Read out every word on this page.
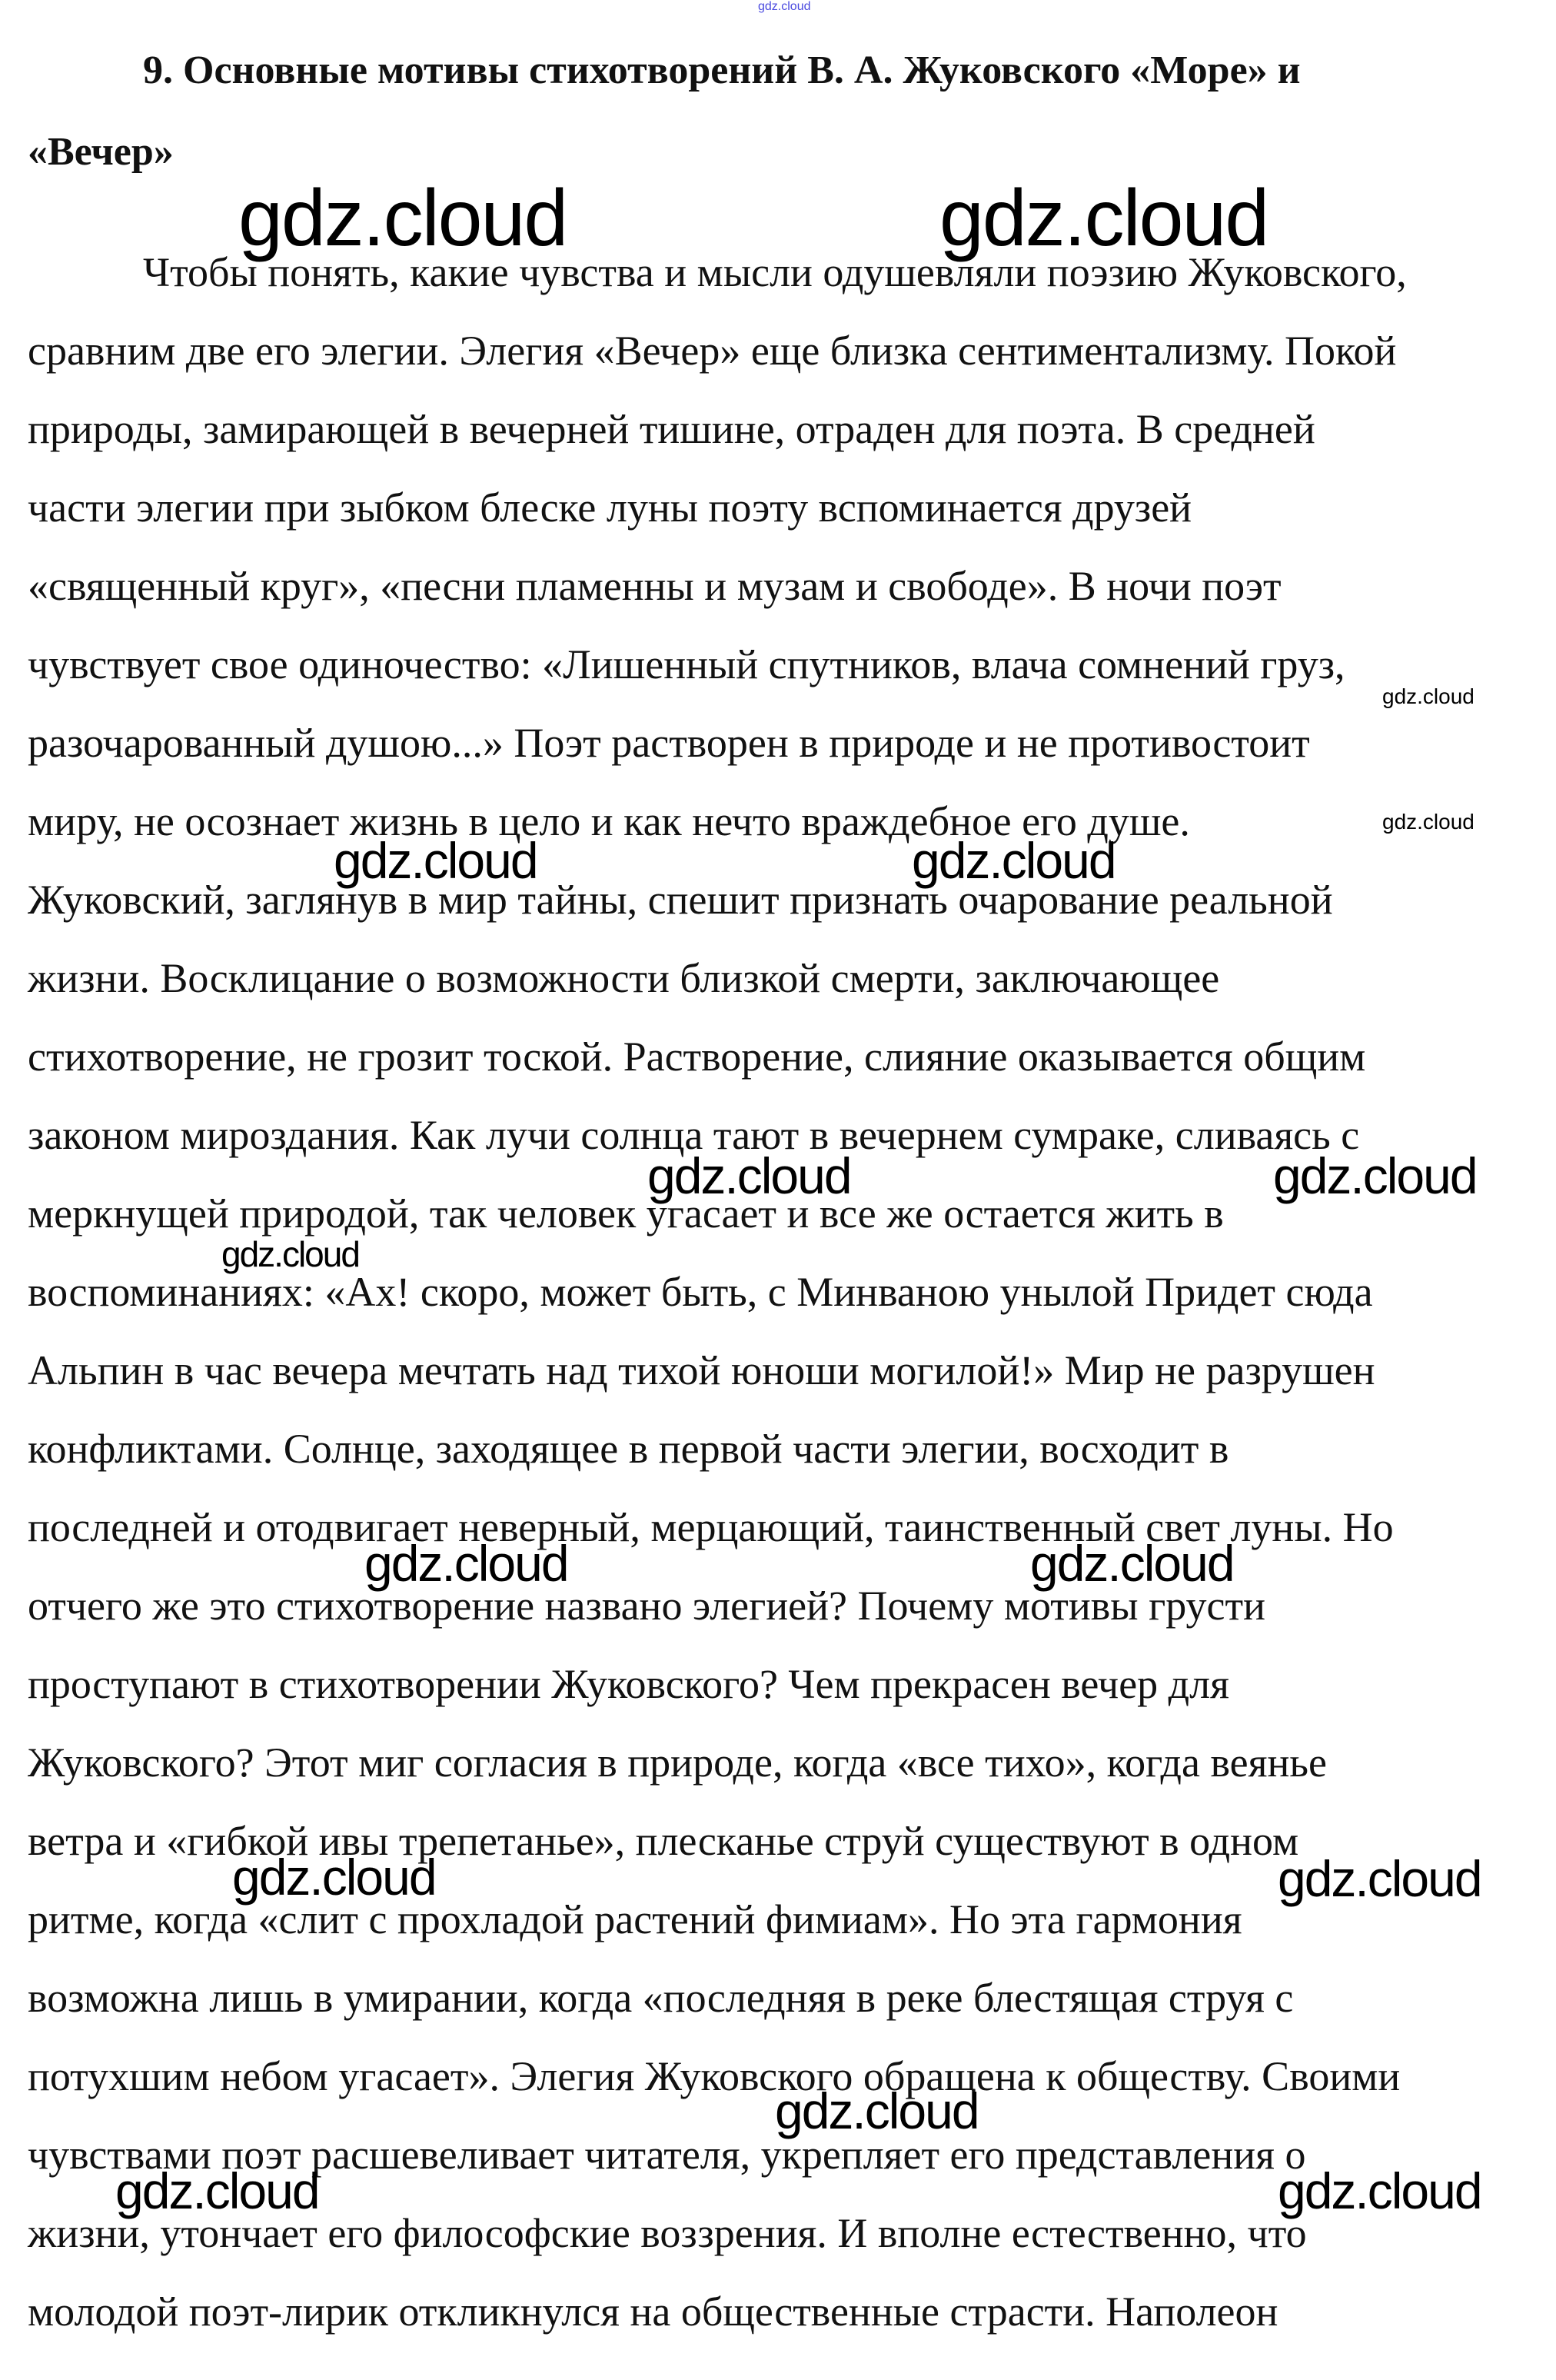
gdz.cloud
9. Основные мотивы стихотворений В. А. Жуковского «Море» и
«Вечер»
Чтобы понять, какие чувства и мысли одушевляли поэзию Жуковского,
сравним две его элегии. Элегия «Вечер» еще близка сентиментализму. Покой
природы, замирающей в вечерней тишине, отраден для поэта. В средней
части элегии при зыбком блеске луны поэту вспоминается друзей
«священный круг», «песни пламенны и музам и свободе». В ночи поэт
чувствует свое одиночество: «Лишенный спутников, влача сомнений груз,
разочарованный душою...» Поэт растворен в природе и не противостоит
миру, не осознает жизнь в цело и как нечто враждебное его душе.
Жуковский, заглянув в мир тайны, спешит признать очарование реальной
жизни. Восклицание о возможности близкой смерти, заключающее
стихотворение, не грозит тоской. Растворение, слияние оказывается общим
законом мироздания. Как лучи солнца тают в вечернем сумраке, сливаясь с
меркнущей природой, так человек угасает и все же остается жить в
воспоминаниях: «Ах! скоро, может быть, с Минваною унылой Придет сюда
Альпин в час вечера мечтать над тихой юноши могилой!» Мир не разрушен
конфликтами. Солнце, заходящее в первой части элегии, восходит в
последней и отодвигает неверный, мерцающий, таинственный свет луны. Но
отчего же это стихотворение названо элегией? Почему мотивы грусти
проступают в стихотворении Жуковского? Чем прекрасен вечер для
Жуковского? Этот миг согласия в природе, когда «все тихо», когда веянье
ветра и «гибкой ивы трепетанье», плесканье струй существуют в одном
ритме, когда «слит с прохладой растений фимиам». Но эта гармония
возможна лишь в умирании, когда «последняя в реке блестящая струя с
потухшим небом угасает». Элегия Жуковского обращена к обществу. Своими
чувствами поэт расшевеливает читателя, укрепляет его представления о
жизни, утончает его философские воззрения. И вполне естественно, что
молодой поэт-лирик откликнулся на общественные страсти. Наполеон
gdz.cloud	gdz.cloud
gdz.cloud
gdz.cloud
gdz.cloud	gdz.cloud
gdz.cloud	gdz.cloud
gdz.cloud
gdz.cloud	gdz.cloud
gdz.cloud	gdz.cloud
gdz.cloud
gdz.cloud	gdz.cloud
